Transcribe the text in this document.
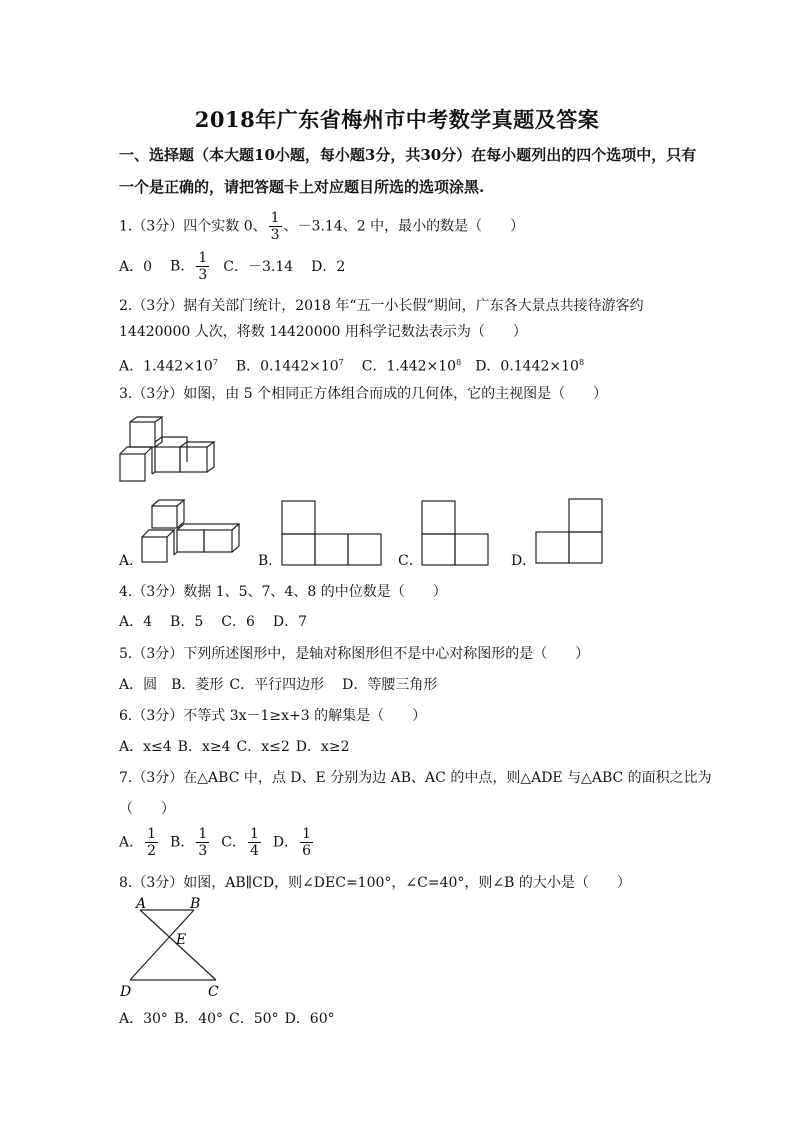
2018年广东省梅州市中考数学真题及答案
一、选择题（本大题10小题，每小题3分，共30分）在每小题列出的四个选项中，只有
一个是正确的，请把答题卡上对应题目所选的选项涂黑.
1.（3分）四个实数 0、 $\frac{1}{3}$ 、－3.14、2 中，最小的数是（　　）
A．0 B． $\frac{1}{3}$ C．－3.14 D．2
2.（3分）据有关部门统计，2018 年“五一小长假”期间，广东各大景点共接待游客约
14420000 人次，将数 14420000 用科学记数法表示为（　　）
A．$1.442\times 10^7$ B．$0.1442\times 10^7$ C．$1.442\times 10^8$ D．$0.1442\times 10^8$
3.（3分）如图，由 5 个相同正方体组合而成的几何体，它的主视图是（　　）
A．	B．	C．	D．
4.（3分）数据 1、5、7、4、8 的中位数是（　　）
A．4 B．5 C．6 D．7
5.（3分）下列所述图形中，是轴对称图形但不是中心对称图形的是（　　）
A．圆 B．菱形 C．平行四边形 D．等腰三角形
6.（3分）不等式 3x－1≥x+3 的解集是（　　）
A．x≤4 B．x≥4 C．x≤2 D．x≥2
7.（3分）在△ABC 中，点 D、E 分别为边 AB、AC 的中点，则△ADE 与△ABC 的面积之比为
（　　）
A． $\frac{1}{2}$ B． $\frac{1}{3}$ C． $\frac{1}{4}$ D． $\frac{1}{6}$
8.（3分）如图，AB∥CD，则∠DEC=100°，∠C=40°，则∠B 的大小是（　　）
A	B
E
D	C
A．30° B．40° C．50° D．60°
